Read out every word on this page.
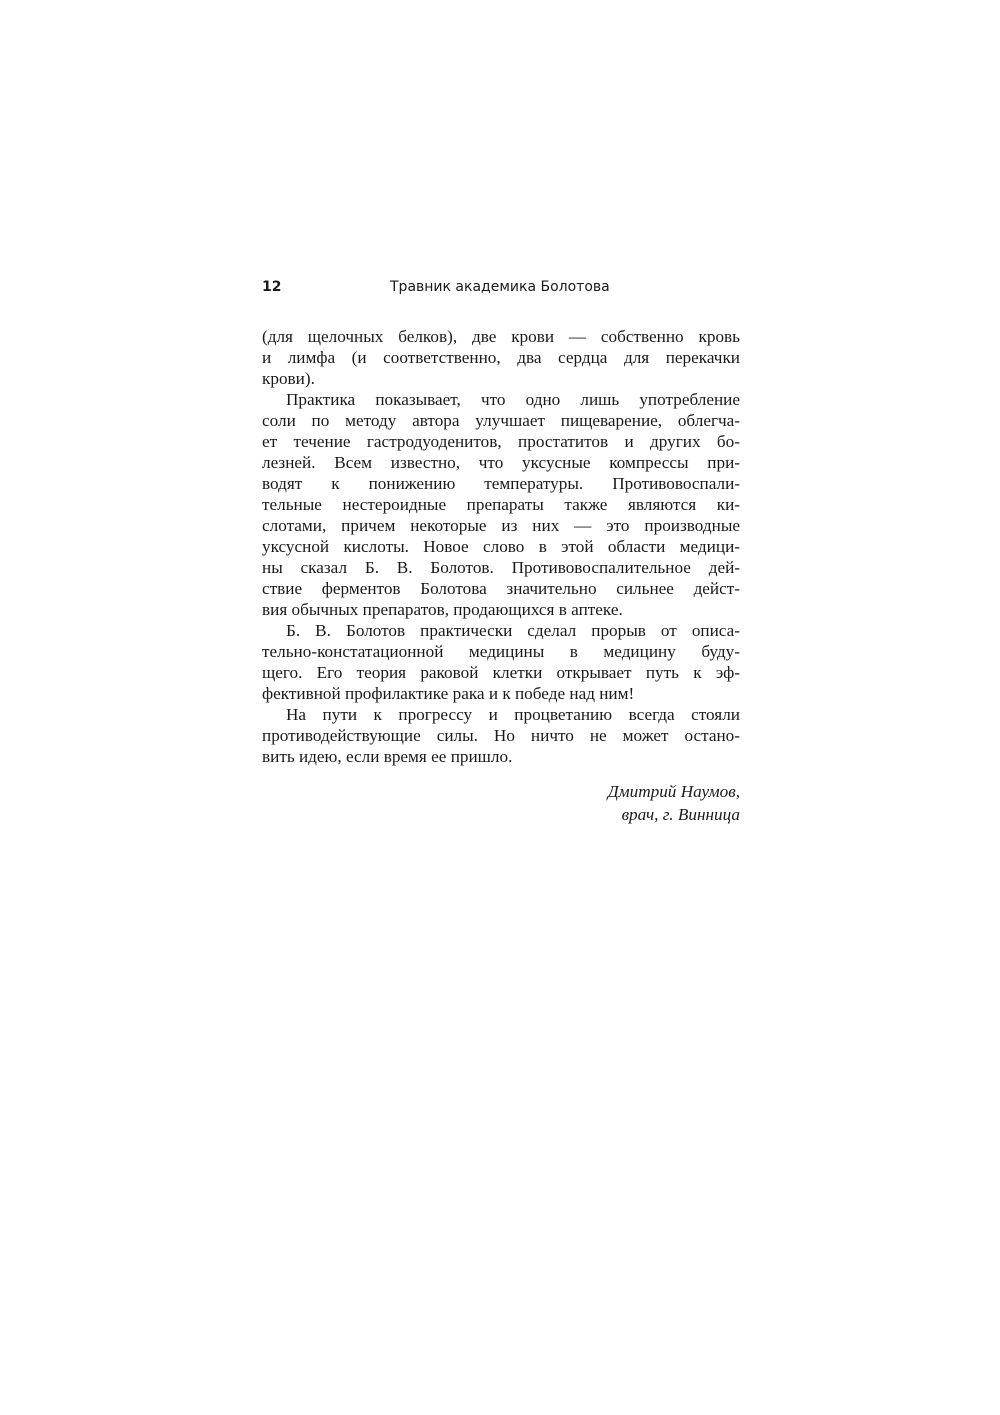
12	Травник академика Болотова
(для щелочных белков), две крови — собственно кровь
и лимфа (и соответственно, два сердца для перекачки
крови).
Практика показывает, что одно лишь употребление
соли по методу автора улучшает пищеварение, облегча-
ет течение гастродуоденитов, простатитов и других бо-
лезней. Всем известно, что уксусные компрессы при-
водят к понижению температуры. Противовоспали-
тельные нестероидные препараты также являются ки-
слотами, причем некоторые из них — это производные
уксусной кислоты. Новое слово в этой области медици-
ны сказал Б. В. Болотов. Противовоспалительное дей-
ствие ферментов Болотова значительно сильнее дейст-
вия обычных препаратов, продающихся в аптеке.
Б. В. Болотов практически сделал прорыв от описа-
тельно-констатационной медицины в медицину буду-
щего. Его теория раковой клетки открывает путь к эф-
фективной профилактике рака и к победе над ним!
На пути к прогрессу и процветанию всегда стояли
противодействующие силы. Но ничто не может остано-
вить идею, если время ее пришло.
Дмитрий Наумов,
врач, г. Винница
